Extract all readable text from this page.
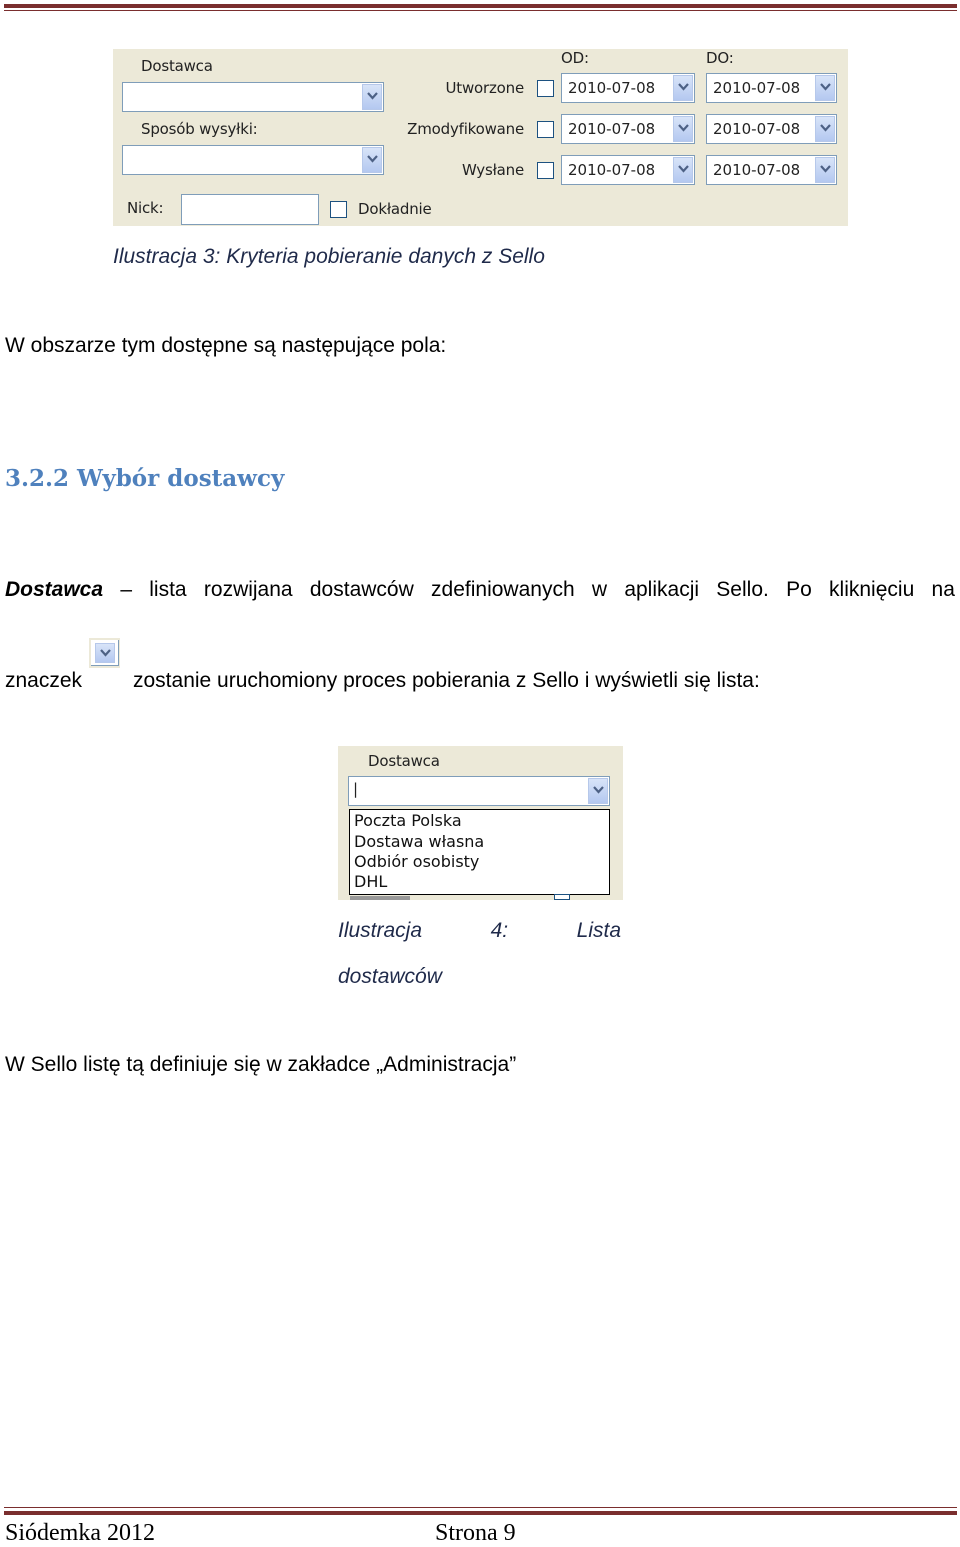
Dostawca
Sposób wysyłki:
Nick:	Dokładnie
OD:	DO:
Utworzone	2010-07-08	2010-07-08
Zmodyfikowane	2010-07-08	2010-07-08
Wysłane	2010-07-08	2010-07-08
Ilustracja 3: Kryteria pobieranie danych z Sello
W obszarze tym dostępne są następujące pola:
3.2.2 Wybór dostawcy
Dostawca – lista rozwijana dostawców zdefiniowanych w aplikacji Sello. Po kliknięciu na
znaczek zostanie uruchomiony proces pobierania z Sello i wyświetli się lista:
Dostawca
|
Poczta Polska
Dostawa własna
Odbiór osobisty
DHL
Ilustracja	4:	Lista
dostawców
W Sello listę tą definiuje się w zakładce „Administracja”
Siódemka 2012	Strona 9
